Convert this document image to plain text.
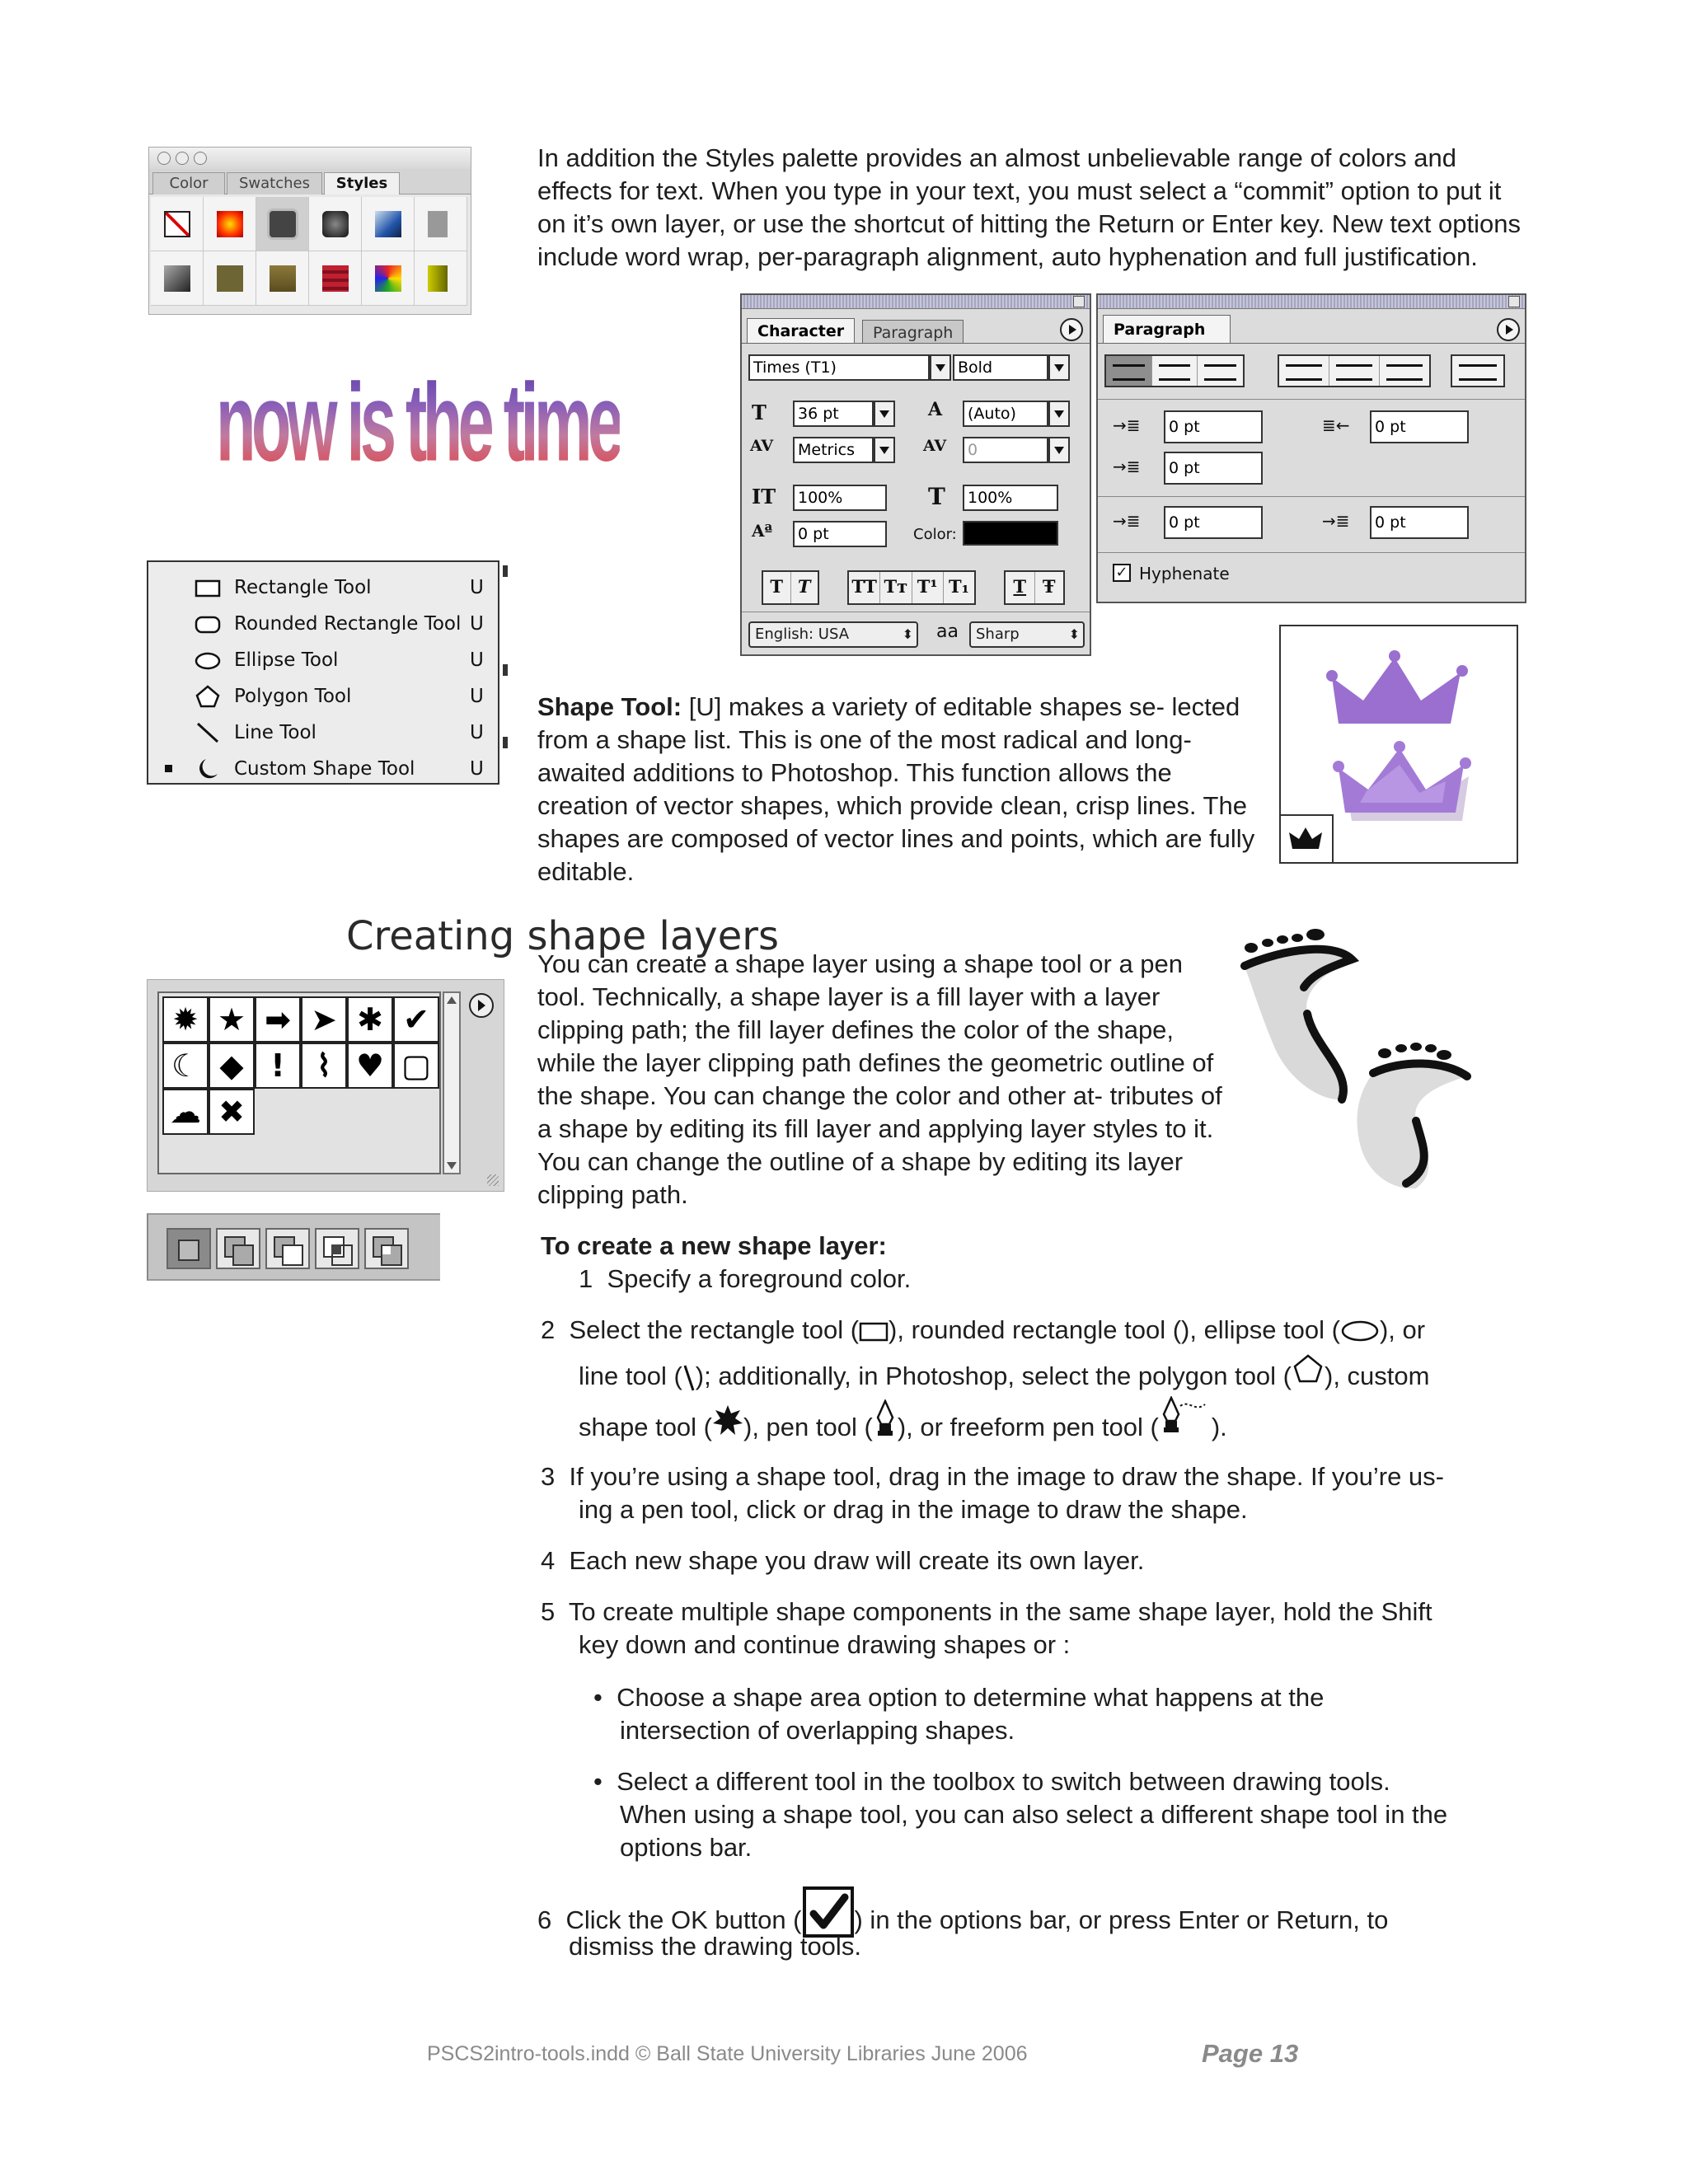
Color	Swatches	Styles
In addition the Styles palette provides an almost unbelievable range of colors and effects for text. When you type in your text, you must select a “commit” option to put it on it’s own layer, or use the shortcut of hitting the Return or Enter key. New text options include word wrap, per-paragraph alignment, auto hyphenation and full justification.
now is the time
Rectangle Tool	U
Rounded Rectangle Tool U
Ellipse Tool	U
Polygon Tool	U
Line Tool	U
Custom Shape Tool	U
Character	Paragraph
Times (T1)	Bold
T	36 pt	A	(Auto)
AV	Metrics	AV	0
IT	100%	T	100%
Aª	0 pt	Color:
T T	TT Tт T¹ T₁	T Ŧ
English: USA ⬍	aa	Sharp ⬍
Paragraph
→≣	0 pt	≣←	0 pt
→≣	0 pt
→≣	0 pt	→≣	0 pt
✓ Hyphenate
Shape Tool: [U] makes a variety of editable shapes se- lected from a shape list. This is one of the most radical and long-awaited additions to Photoshop. This function allows the creation of vector shapes, which provide clean, crisp lines. The shapes are composed of vector lines and points, which are fully editable.
Creating shape layers
You can create a shape layer using a shape tool or a pen tool. Technically, a shape layer is a fill layer with a layer clipping path; the fill layer defines the color of the shape, while the layer clipping path defines the geometric outline of the shape. You can change the color and other at- tributes of a shape by editing its fill layer and applying layer styles to it. You can change the outline of a shape by editing its layer clipping path.
✹ ★ ➡ ➤ ✱ ✔
☾ ◆ !	⌇ ♥ ▢
☁ ✖
To create a new shape layer:
1 Specify a foreground color.
2 Select the rectangle tool ( ), rounded rectangle tool (), ellipse tool ( ), or
line tool ( ); additionally, in Photoshop, select the polygon tool ( ), custom
shape tool ( ), pen tool ( ), or freeform pen tool ( ).
3 If you’re using a shape tool, drag in the image to draw the shape. If you’re us-
ing a pen tool, click or drag in the image to draw the shape.
4 Each new shape you draw will create its own layer.
5 To create multiple shape components in the same shape layer, hold the Shift
key down and continue drawing shapes or :
• Choose a shape area option to determine what happens at the
intersection of overlapping shapes.
• Select a different tool in the toolbox to switch between drawing tools.
When using a shape tool, you can also select a different shape tool in the
options bar.
6 Click the OK button ( ) in the options bar, or press Enter or Return, to
dismiss the drawing tools.
PSCS2intro-tools.indd © Ball State University Libraries June 2006	Page 13
